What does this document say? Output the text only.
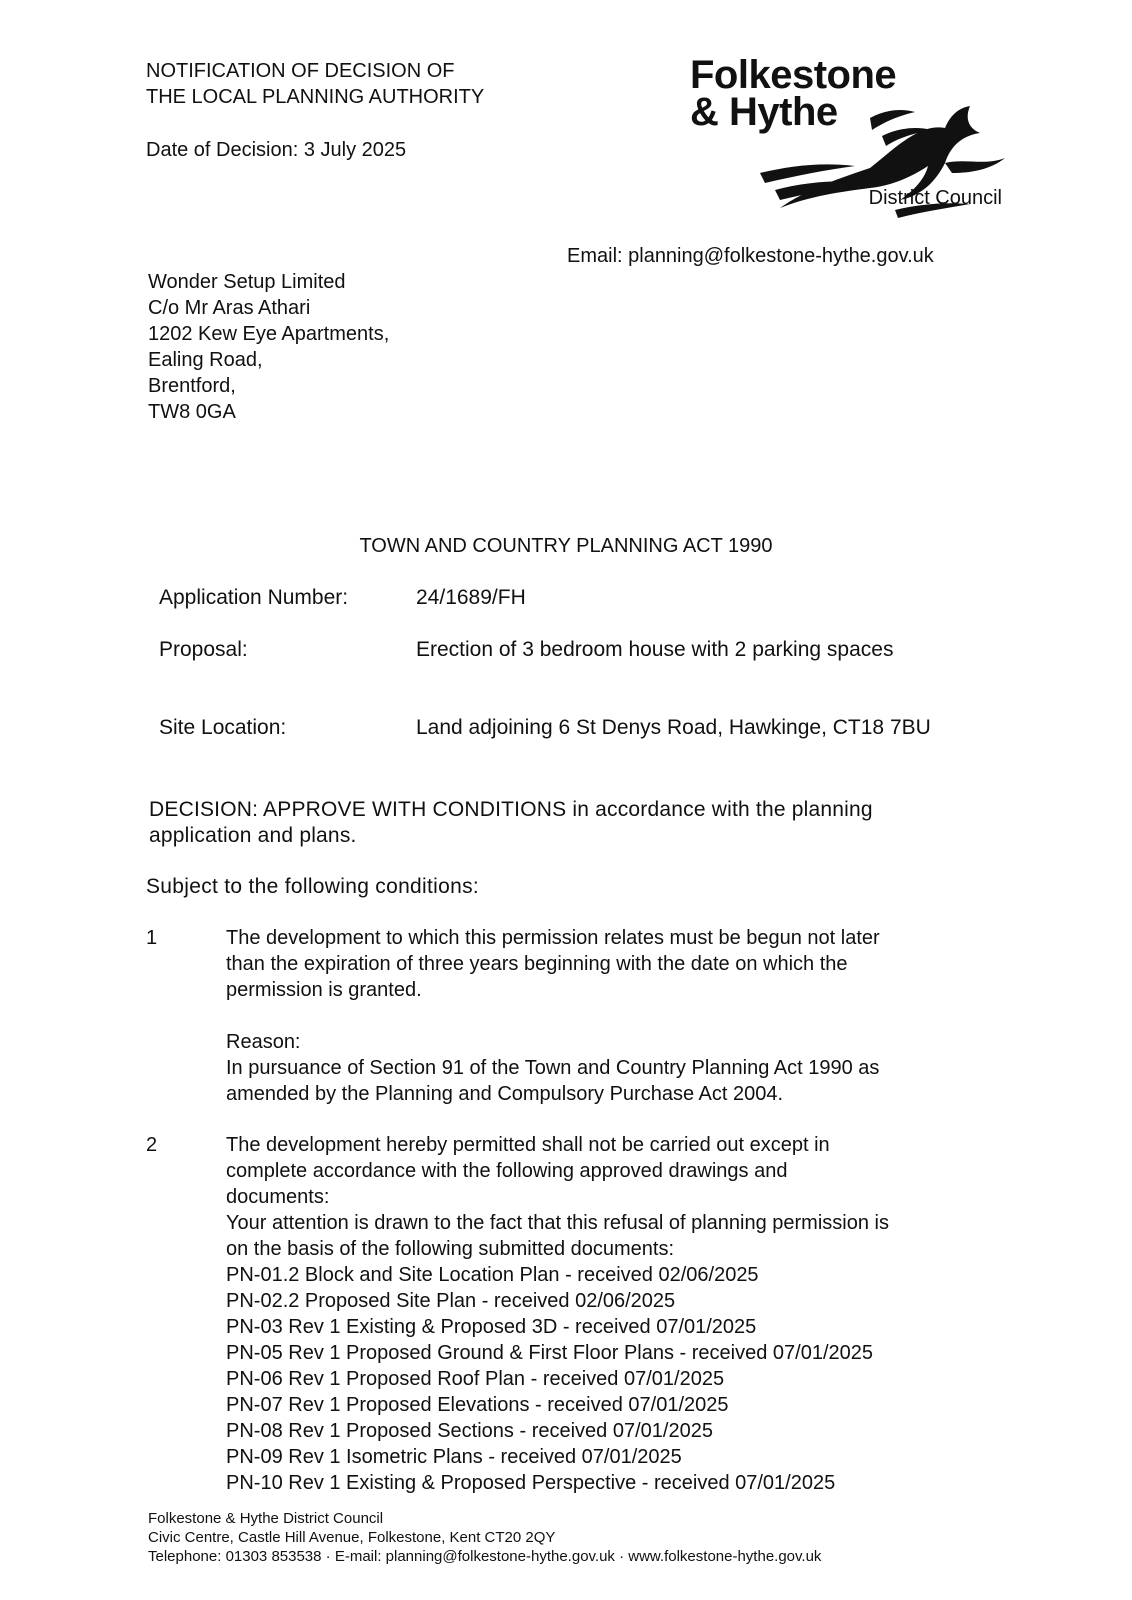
NOTIFICATION OF DECISION OF
THE LOCAL PLANNING AUTHORITY
Date of Decision: 3 July 2025
Folkestone
& Hythe
District Council
Email: planning@folkestone-hythe.gov.uk
Wonder Setup Limited
C/o Mr Aras Athari
1202 Kew Eye Apartments,
Ealing Road,
Brentford,
TW8 0GA
TOWN AND COUNTRY PLANNING ACT 1990
Application Number:	24/1689/FH
Proposal:	Erection of 3 bedroom house with 2 parking spaces
Site Location:	Land adjoining 6 St Denys Road, Hawkinge, CT18 7BU
DECISION: APPROVE WITH CONDITIONS in accordance with the planning application and plans.
Subject to the following conditions:
1	The development to which this permission relates must be begun not later
than the expiration of three years beginning with the date on which the
permission is granted.
Reason:
In pursuance of Section 91 of the Town and Country Planning Act 1990 as
amended by the Planning and Compulsory Purchase Act 2004.
2	The development hereby permitted shall not be carried out except in
complete accordance with the following approved drawings and
documents:
Your attention is drawn to the fact that this refusal of planning permission is
on the basis of the following submitted documents:
PN-01.2 Block and Site Location Plan - received 02/06/2025
PN-02.2 Proposed Site Plan - received 02/06/2025
PN-03 Rev 1 Existing & Proposed 3D - received 07/01/2025
PN-05 Rev 1 Proposed Ground & First Floor Plans - received 07/01/2025
PN-06 Rev 1 Proposed Roof Plan - received 07/01/2025
PN-07 Rev 1 Proposed Elevations - received 07/01/2025
PN-08 Rev 1 Proposed Sections - received 07/01/2025
PN-09 Rev 1 Isometric Plans - received 07/01/2025
PN-10 Rev 1 Existing & Proposed Perspective - received 07/01/2025
Folkestone & Hythe District Council
Civic Centre, Castle Hill Avenue, Folkestone, Kent CT20 2QY
Telephone: 01303 853538 · E-mail: planning@folkestone-hythe.gov.uk · www.folkestone-hythe.gov.uk
